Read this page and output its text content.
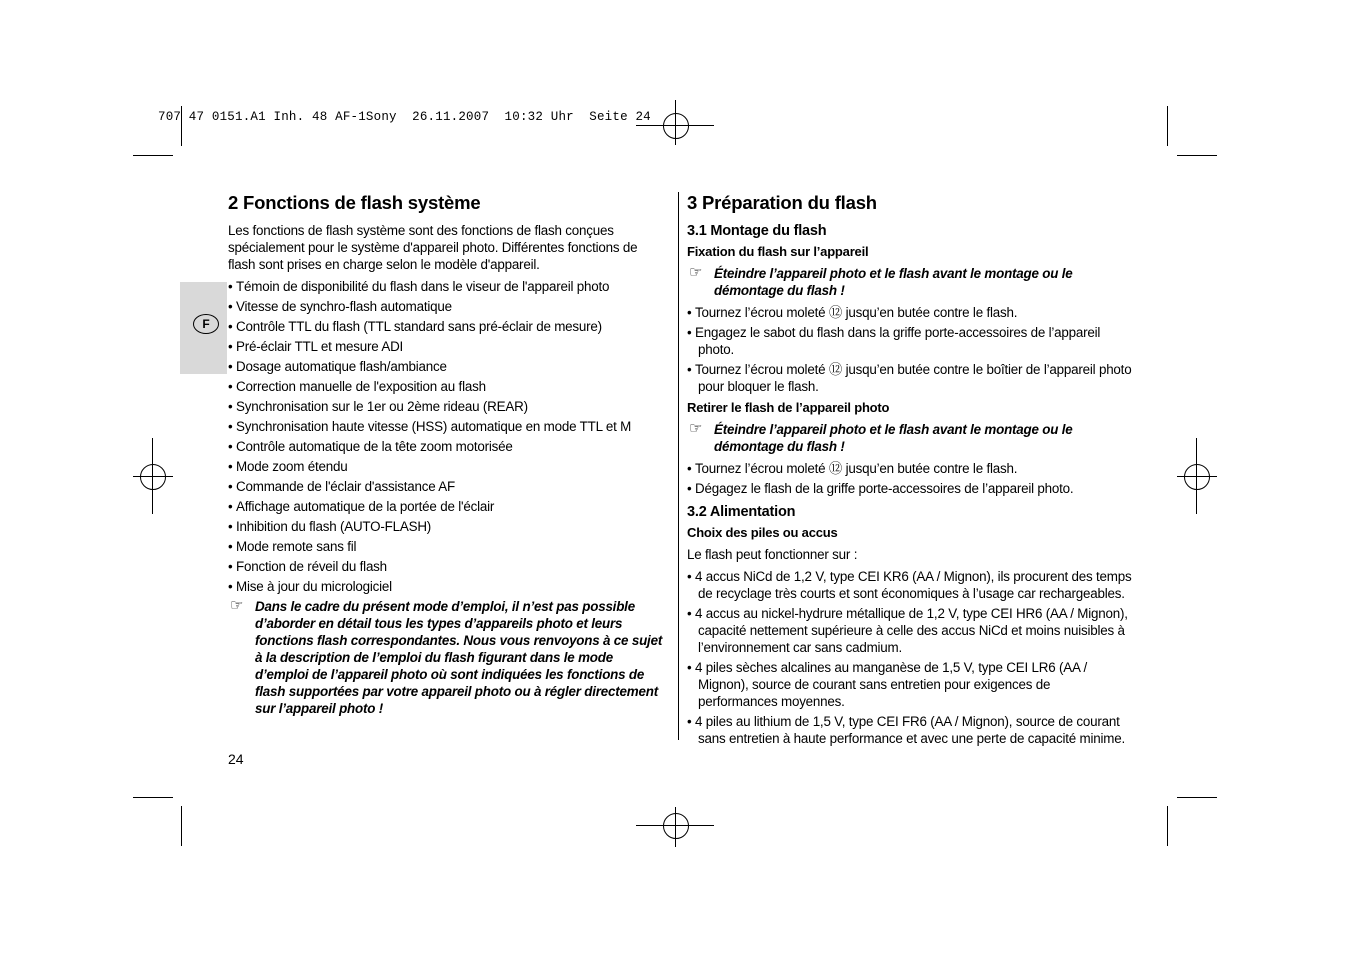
707 47 0151.A1 Inh. 48 AF-1Sony  26.11.2007  10:32 Uhr  Seite 24
F
2 Fonctions de flash système

Les fonctions de flash système sont des fonctions de flash conçues spécialement pour le système d'appareil photo. Différentes fonctions de flash sont prises en charge selon le modèle d'appareil.

• Témoin de disponibilité du flash dans le viseur de l'appareil photo
• Vitesse de synchro-flash automatique
• Contrôle TTL du flash (TTL standard sans pré-éclair de mesure)
• Pré-éclair TTL et mesure ADI
• Dosage automatique flash/ambiance
• Correction manuelle de l'exposition au flash
• Synchronisation sur le 1er ou 2ème rideau (REAR)
• Synchronisation haute vitesse (HSS) automatique en mode TTL et M
• Contrôle automatique de la tête zoom motorisée
• Mode zoom étendu
• Commande de l'éclair d'assistance AF
• Affichage automatique de la portée de l'éclair
• Inhibition du flash (AUTO-FLASH)
• Mode remote sans fil
• Fonction de réveil du flash
• Mise à jour du micrologiciel
☞ Dans le cadre du présent mode d’emploi, il n’est pas possible d’aborder en détail tous les types d’appareils photo et leurs fonctions flash correspondantes. Nous vous renvoyons à ce sujet à la description de l’emploi du flash figurant dans le mode d’emploi de l’appareil photo où sont indiquées les fonctions de flash supportées par votre appareil photo ou à régler directement sur l’appareil photo !
3 Préparation du flash
3.1 Montage du flash
Fixation du flash sur l’appareil
☞ Éteindre l’appareil photo et le flash avant le montage ou le démontage du flash !
• Tournez l’écrou moleté ⑫ jusqu’en butée contre le flash.
• Engagez le sabot du flash dans la griffe porte-accessoires de l’appareil photo.
• Tournez l’écrou moleté ⑫ jusqu’en butée contre le boîtier de l’appareil photo pour bloquer le flash.
Retirer le flash de l’appareil photo
☞ Éteindre l’appareil photo et le flash avant le montage ou le démontage du flash !
• Tournez l’écrou moleté ⑫ jusqu’en butée contre le flash.
• Dégagez le flash de la griffe porte-accessoires de l’appareil photo.
3.2 Alimentation
Choix des piles ou accus

Le flash peut fonctionner sur :

• 4 accus NiCd de 1,2 V, type CEI KR6 (AA / Mignon), ils procurent des temps de recyclage très courts et sont économiques à l’usage car rechargeables.
• 4 accus au nickel-hydrure métallique de 1,2 V, type CEI HR6 (AA / Mignon), capacité nettement supérieure à celle des accus NiCd et moins nuisibles à l’environnement car sans cadmium.
• 4 piles sèches alcalines au manganèse de 1,5 V, type CEI LR6 (AA / Mignon), source de courant sans entretien pour exigences de performances moyennes.
• 4 piles au lithium de 1,5 V, type CEI FR6 (AA / Mignon), source de courant sans entretien à haute performance et avec une perte de capacité minime.
24
